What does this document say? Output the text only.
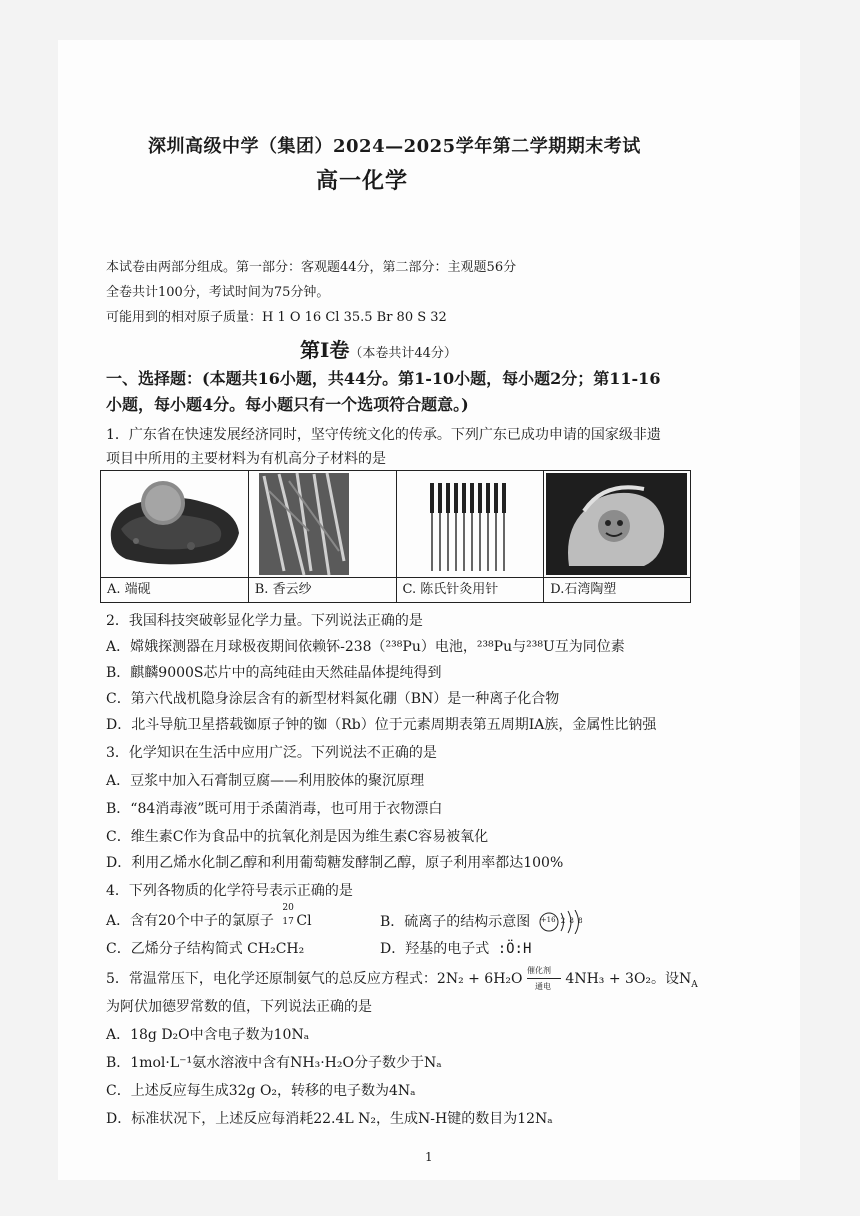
深圳高级中学（集团）2024—2025学年第二学期期末考试
高一化学
本试卷由两部分组成。第一部分：客观题44分，第二部分：主观题56分
全卷共计100分，考试时间为75分钟。
可能用到的相对原子质量：H 1 O 16 Cl 35.5 Br 80 S 32
第Ⅰ卷（本卷共计44分）
一、选择题：(本题共16小题，共44分。第1-10小题，每小题2分；第11-16
小题，每小题4分。每小题只有一个选项符合题意。)
1．广东省在快速发展经济同时，坚守传统文化的传承。下列广东已成功申请的国家级非遗
项目中所用的主要材料为有机高分子材料的是
A. 端砚	B. 香云纱	C. 陈氏针灸用针	D.石湾陶塑
2．我国科技突破彰显化学力量。下列说法正确的是
A．嫦娥探测器在月球极夜期间依赖钚-238（²³⁸Pu）电池，²³⁸Pu与²³⁸U互为同位素
B．麒麟9000S芯片中的高纯硅由天然硅晶体提纯得到
C．第六代战机隐身涂层含有的新型材料氮化硼（BN）是一种离子化合物
D．北斗导航卫星搭载铷原子钟的铷（Rb）位于元素周期表第五周期ⅠA族，金属性比钠强
3．化学知识在生活中应用广泛。下列说法不正确的是
A．豆浆中加入石膏制豆腐——利用胶体的聚沉原理
B．“84消毒液”既可用于杀菌消毒，也可用于衣物漂白
C．维生素C作为食品中的抗氧化剂是因为维生素C容易被氧化
D．利用乙烯水化制乙醇和利用葡萄糖发酵制乙醇，原子利用率都达100%
4．下列各物质的化学符号表示正确的是
A．含有20个中子的氯原子
20
17 Cl	B．硫离子的结构示意图 +16 2 8 8
C．乙烯分子结构简式 CH₂CH₂	D．羟基的电子式 :Ö:H
5．常温常压下，电化学还原制氨气的总反应方程式：2N₂ + 6H₂O
催化剂
通电 4NH₃ + 3O₂。设$N_A$
为阿伏加德罗常数的值，下列说法正确的是
A．18g D₂O中含电子数为10Nₐ
B．1mol·L⁻¹氨水溶液中含有NH₃·H₂O分子数少于Nₐ
C．上述反应每生成32g O₂，转移的电子数为4Nₐ
D．标准状况下，上述反应每消耗22.4L N₂，生成N-H键的数目为12Nₐ
1
